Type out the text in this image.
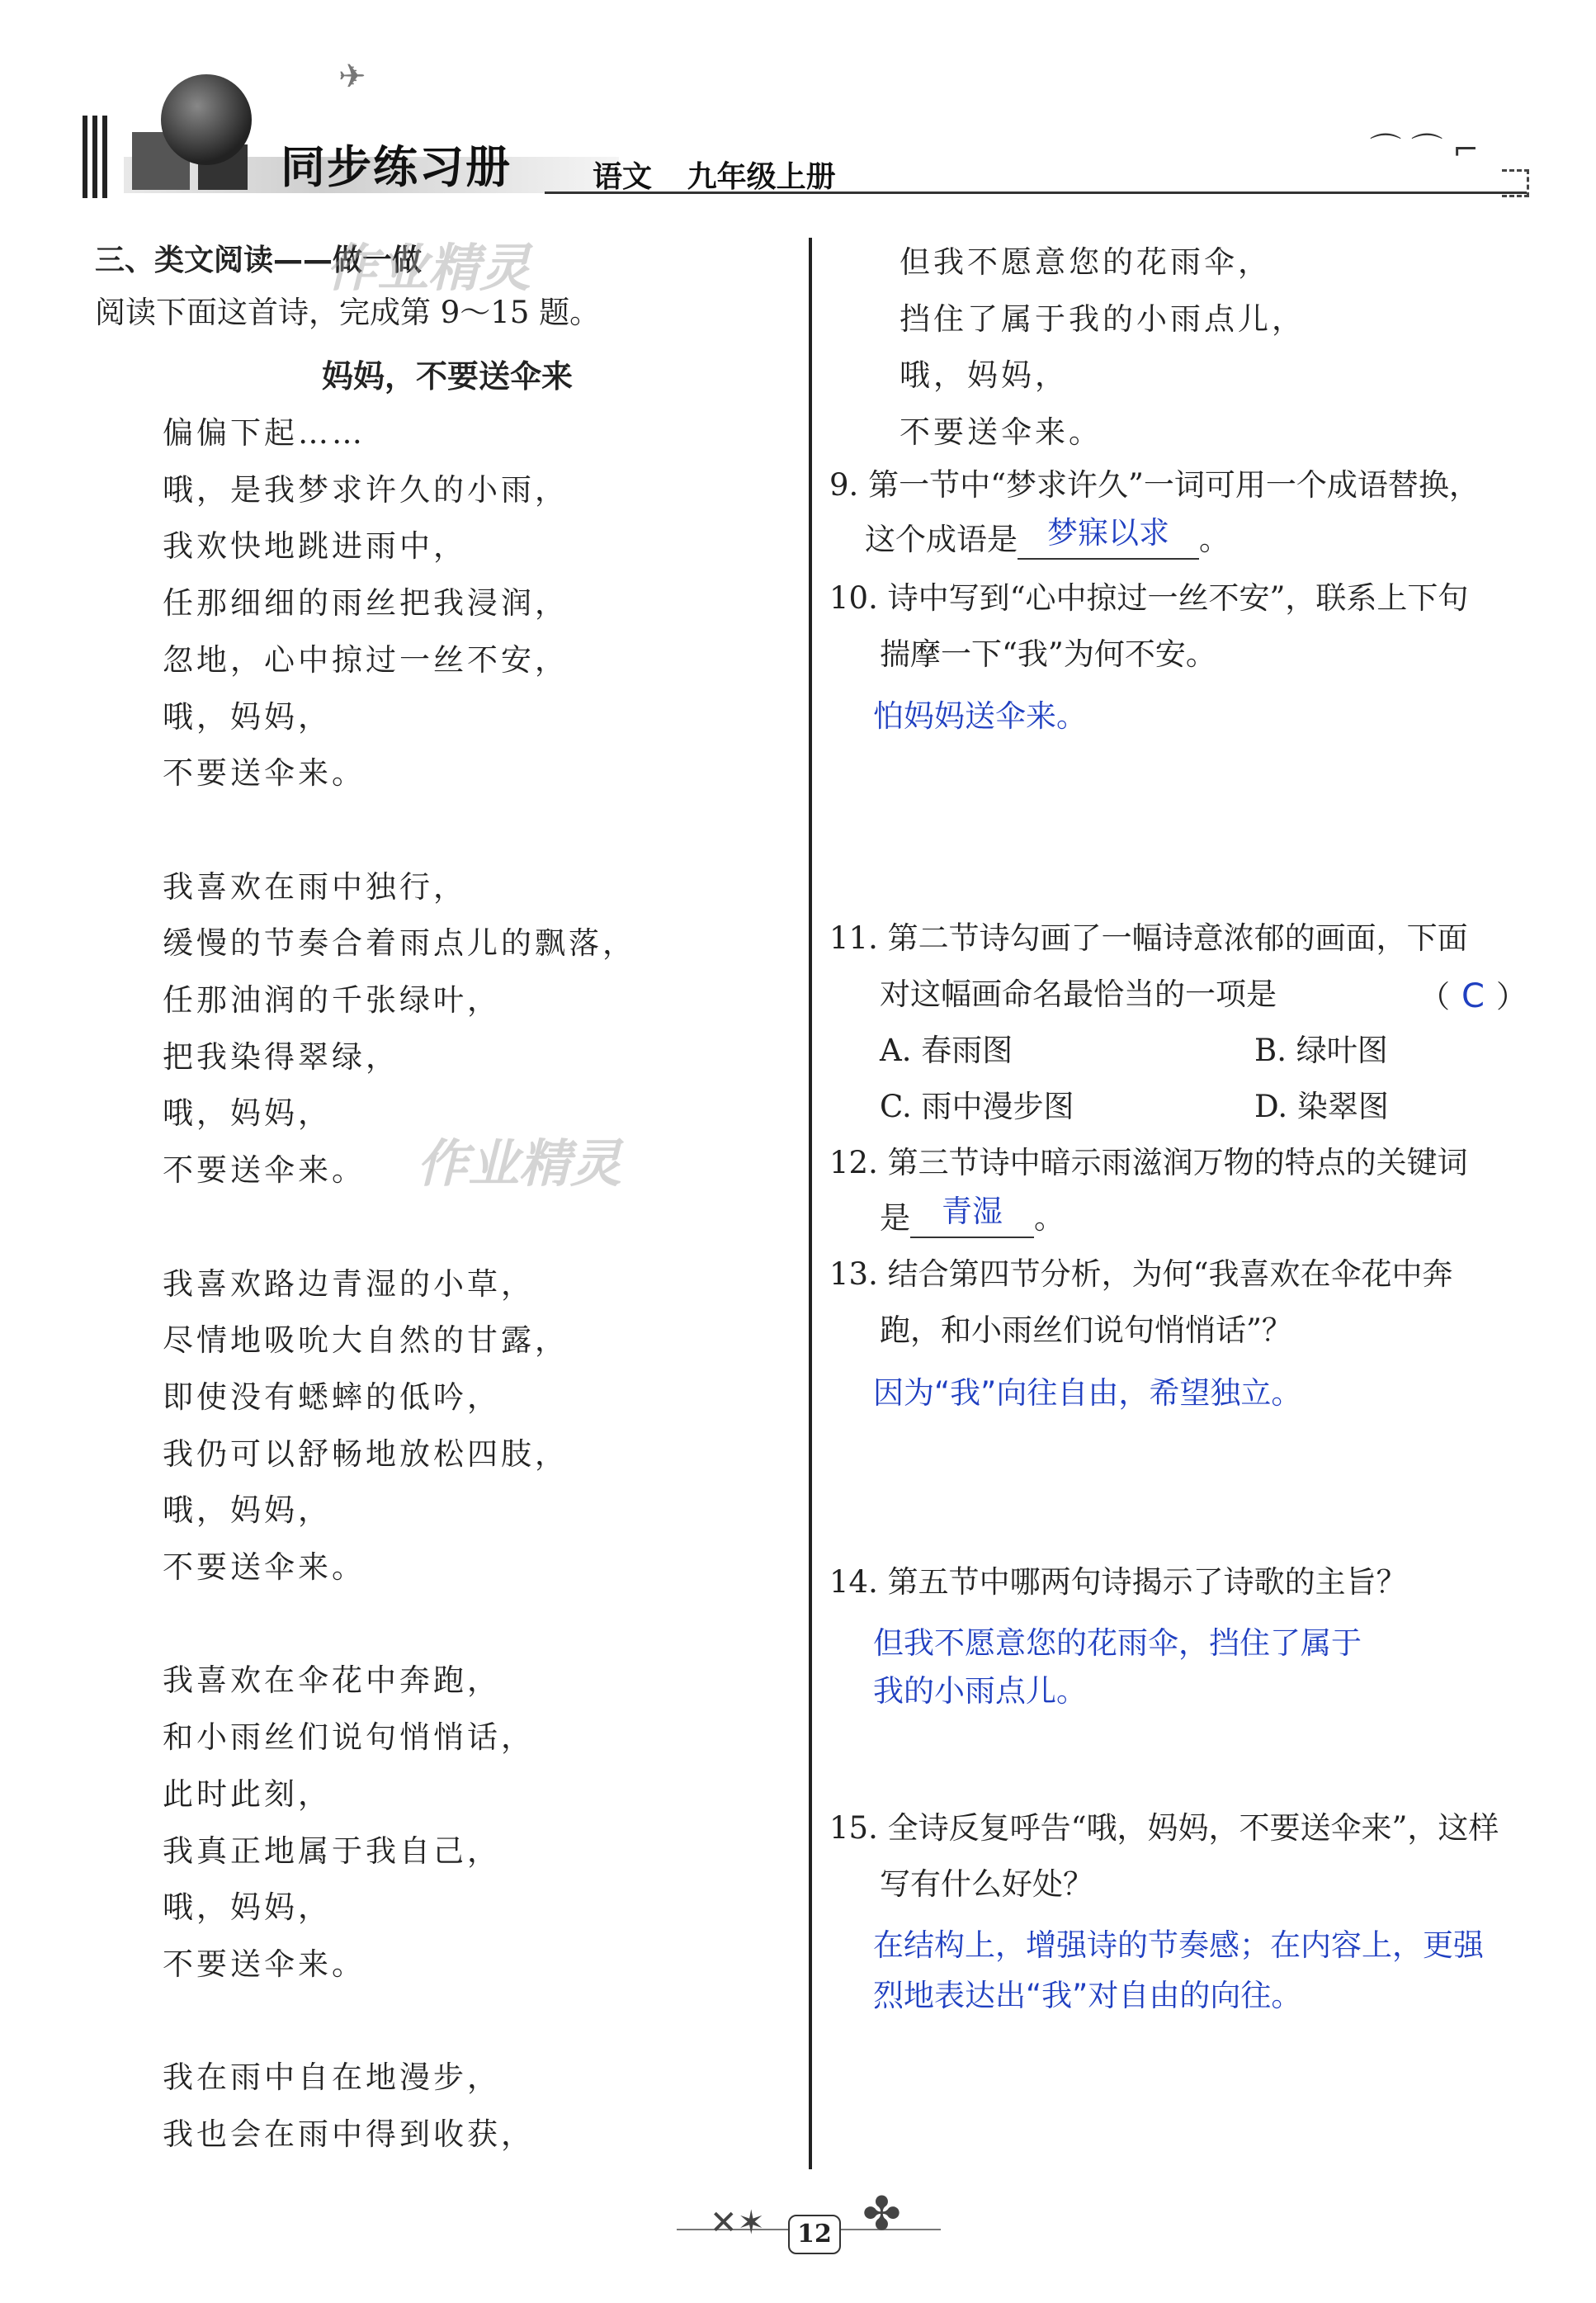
✈
同步练习册	语文 九年级上册
⌒ ⌒ ⌐
三、类文阅读——做一做
阅读下面这首诗，完成第 9～15 题。
妈妈，不要送伞来
偏偏下起……
哦，是我梦求许久的小雨，
我欢快地跳进雨中，
任那细细的雨丝把我浸润，
忽地，心中掠过一丝不安，
哦，妈妈，
不要送伞来。
我喜欢在雨中独行，
缓慢的节奏合着雨点儿的飘落，
任那油润的千张绿叶，
把我染得翠绿，
哦，妈妈，
不要送伞来。
我喜欢路边青湿的小草，
尽情地吸吮大自然的甘露，
即使没有蟋蟀的低吟，
我仍可以舒畅地放松四肢，
哦，妈妈，
不要送伞来。
我喜欢在伞花中奔跑，
和小雨丝们说句悄悄话，
此时此刻，
我真正地属于我自己，
哦，妈妈，
不要送伞来。
我在雨中自在地漫步，
我也会在雨中得到收获，
作业精灵
作业精灵
但我不愿意您的花雨伞，
挡住了属于我的小雨点儿，
哦，妈妈，
不要送伞来。
9. 第一节中“梦求许久”一词可用一个成语替换，
这个成语是 梦寐以求 。
10. 诗中写到“心中掠过一丝不安”，联系上下句
揣摩一下“我”为何不安。
怕妈妈送伞来。
11. 第二节诗勾画了一幅诗意浓郁的画面，下面
对这幅画命名最恰当的一项是	（ C ）
A. 春雨图	B. 绿叶图
C. 雨中漫步图	D. 染翠图
12. 第三节诗中暗示雨滋润万物的特点的关键词
是 青湿 。
13. 结合第四节分析，为何“我喜欢在伞花中奔
跑，和小雨丝们说句悄悄话”？
因为“我”向往自由，希望独立。
14. 第五节中哪两句诗揭示了诗歌的主旨？
但我不愿意您的花雨伞，挡住了属于
我的小雨点儿。
15. 全诗反复呼告“哦，妈妈，不要送伞来”，这样
写有什么好处？
在结构上，增强诗的节奏感；在内容上，更强
烈地表达出“我”对自由的向往。
✕✶ ✤
12
